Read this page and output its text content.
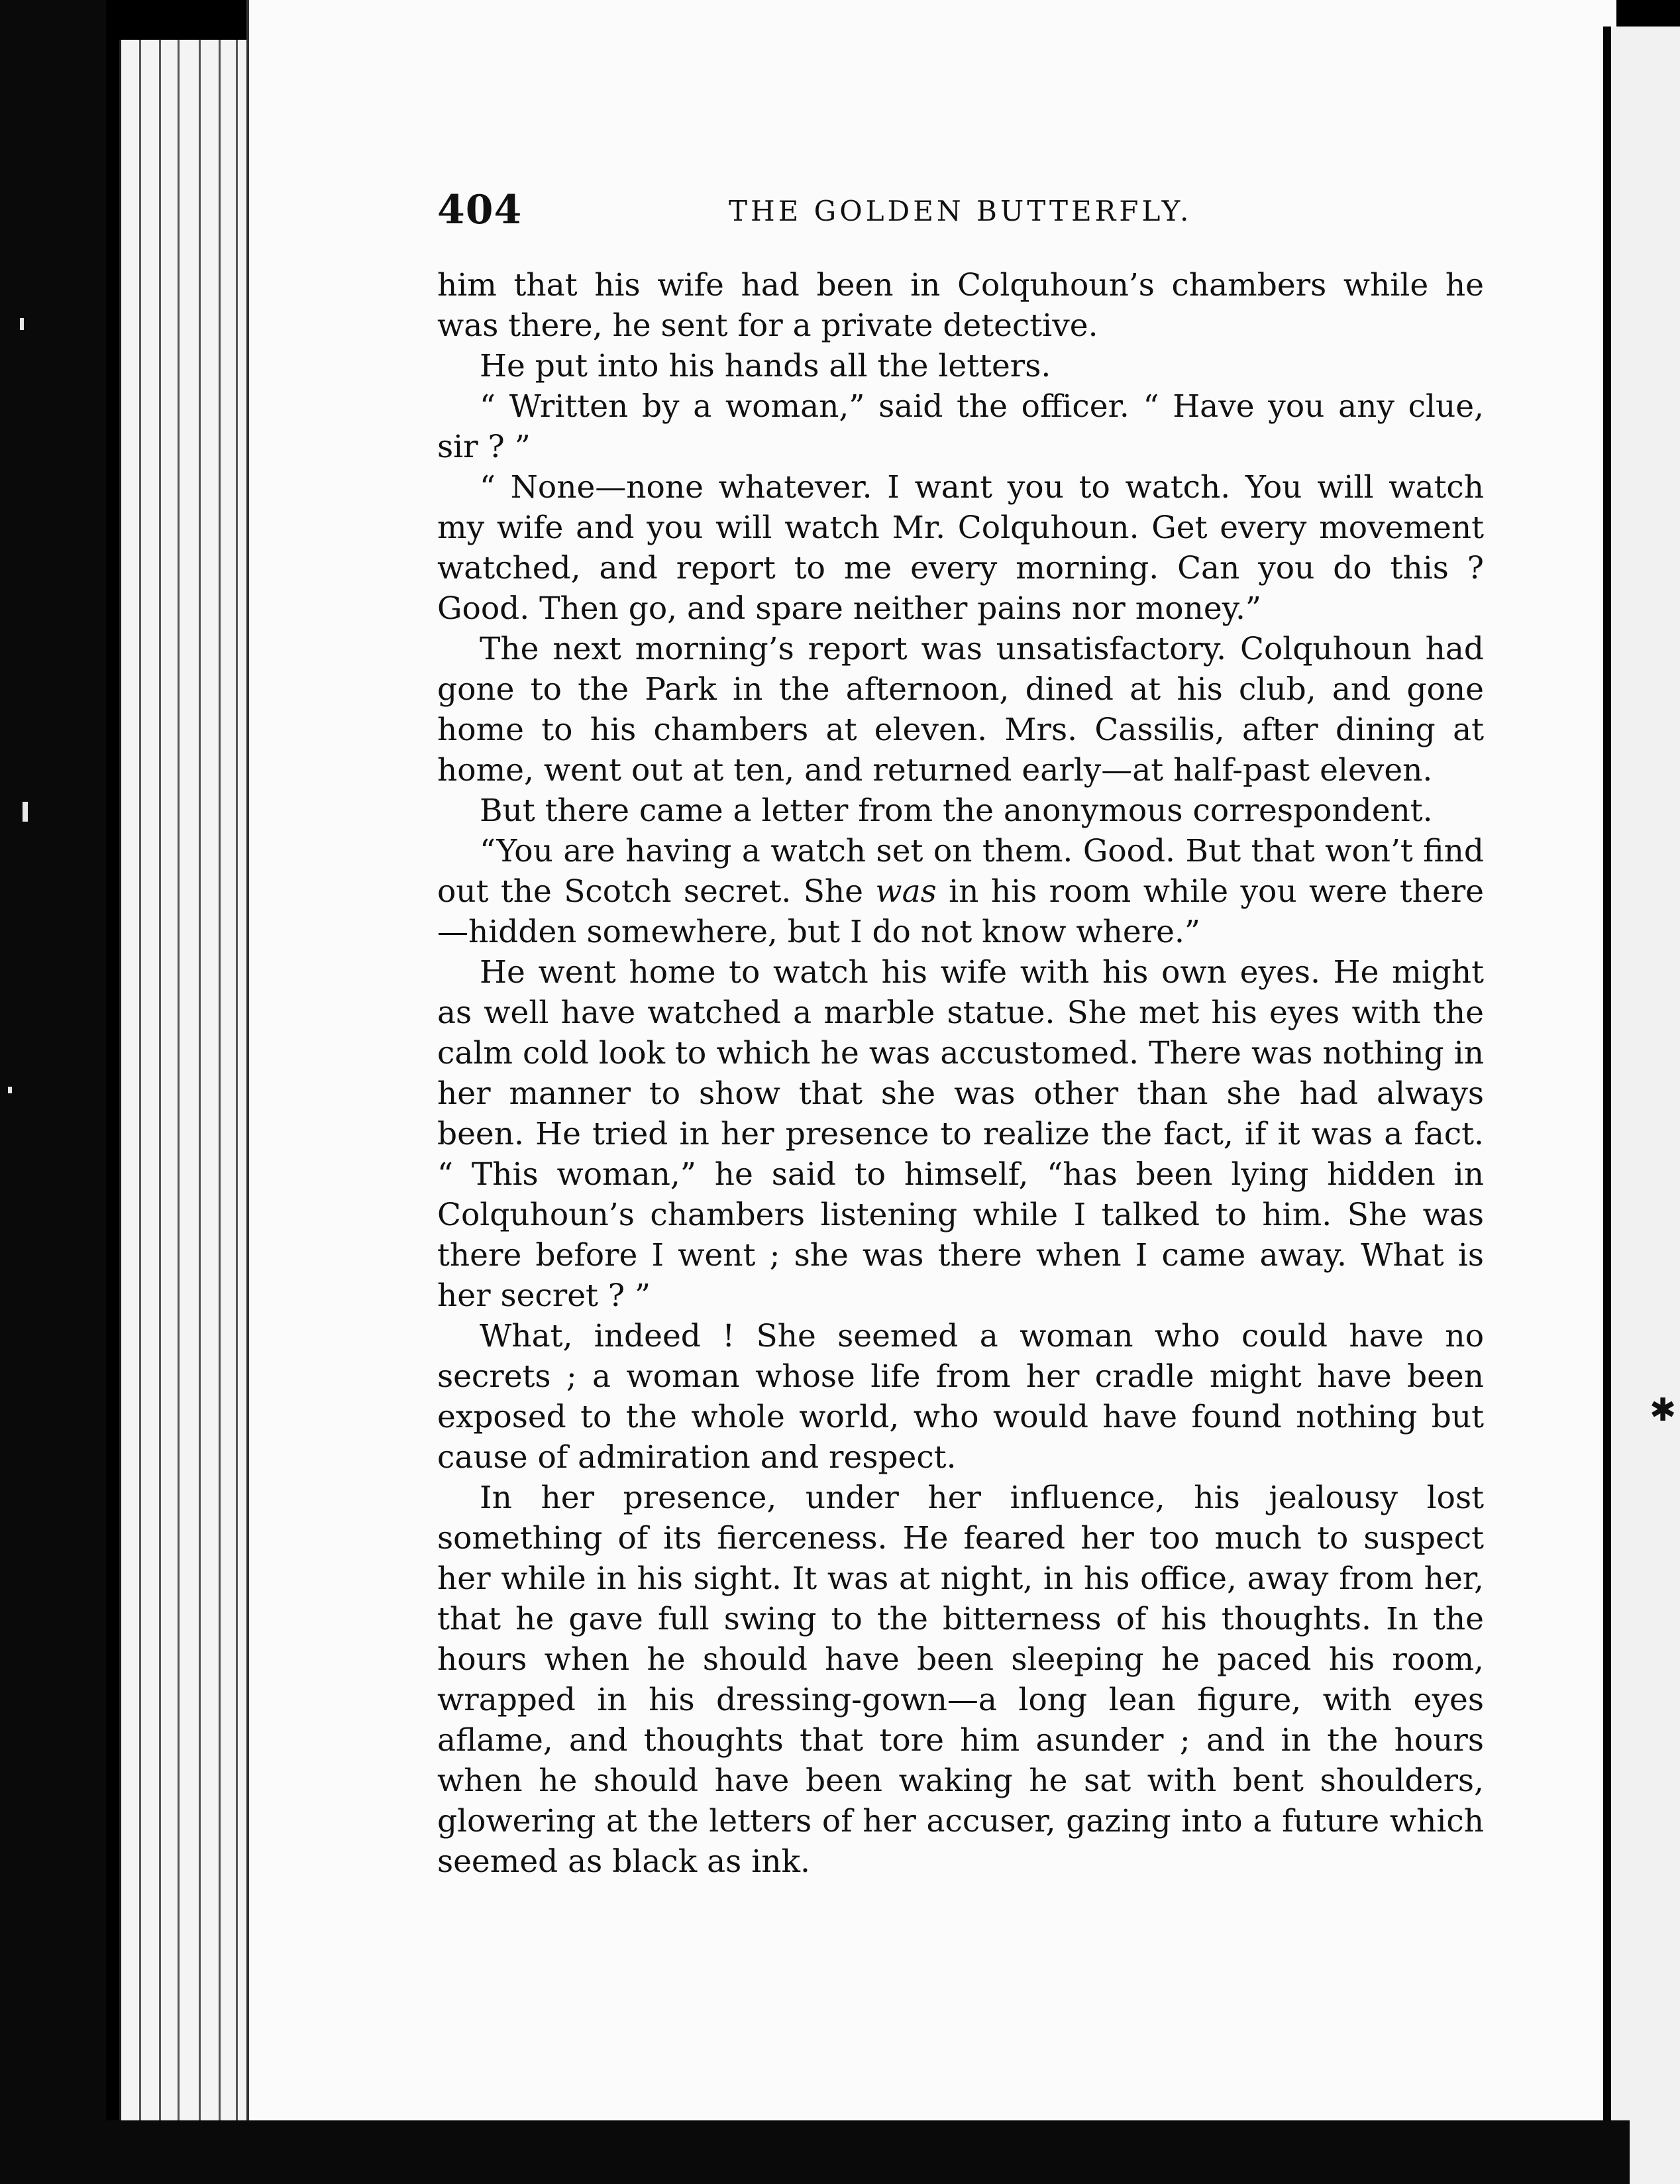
✱
404	THE GOLDEN BUTTERFLY.

him that his wife had been in Colquhoun’s chambers while he was there, he sent for a private detective.

He put into his hands all the letters.

“ Written by a woman,” said the officer. “ Have you any clue, sir ? ”

“ None—none whatever. I want you to watch. You will watch my wife and you will watch Mr. Colquhoun. Get every movement watched, and report to me every morning. Can you do this ? Good. Then go, and spare neither pains nor money.”

The next morning’s report was unsatisfactory. Colquhoun had gone to the Park in the afternoon, dined at his club, and gone home to his chambers at eleven. Mrs. Cassilis, after dining at home, went out at ten, and returned early—at half-past eleven.

But there came a letter from the anonymous correspondent.

“You are having a watch set on them. Good. But that won’t find out the Scotch secret. She was in his room while you were there—hidden somewhere, but I do not know where.”

He went home to watch his wife with his own eyes. He might as well have watched a marble statue. She met his eyes with the calm cold look to which he was accustomed. There was nothing in her manner to show that she was other than she had always been. He tried in her presence to realize the fact, if it was a fact. “ This woman,” he said to himself, “has been lying hidden in Colquhoun’s chambers listening while I talked to him. She was there before I went ; she was there when I came away. What is her secret ? ”

What, indeed ! She seemed a woman who could have no secrets ; a woman whose life from her cradle might have been exposed to the whole world, who would have found nothing but cause of admiration and respect.

In her presence, under her influence, his jealousy lost something of its fierceness. He feared her too much to suspect her while in his sight. It was at night, in his office, away from her, that he gave full swing to the bitterness of his thoughts. In the hours when he should have been sleeping he paced his room, wrapped in his dressing-gown—a long lean figure, with eyes aflame, and thoughts that tore him asunder ; and in the hours when he should have been waking he sat with bent shoulders, glowering at the letters of her accuser, gazing into a future which seemed as black as ink.
